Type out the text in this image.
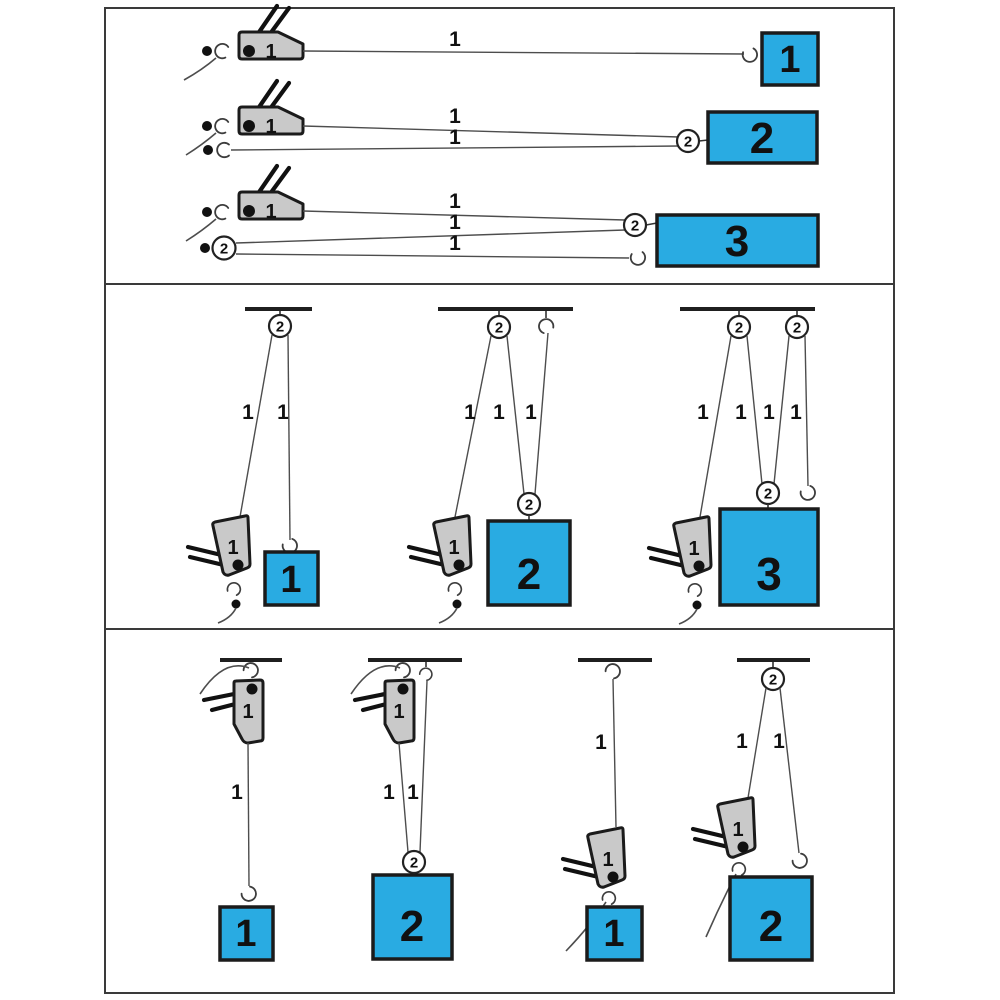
1
1	1
1	1
1	2 2
1
2
1
1
1
2 3
2
1 1
1
1
2
1 1 1
1
2
2
2	2
1 1 1 1
1
2
3
1
1
1
1
1 1
2
2
1
1
1
2
1 1
1
2
